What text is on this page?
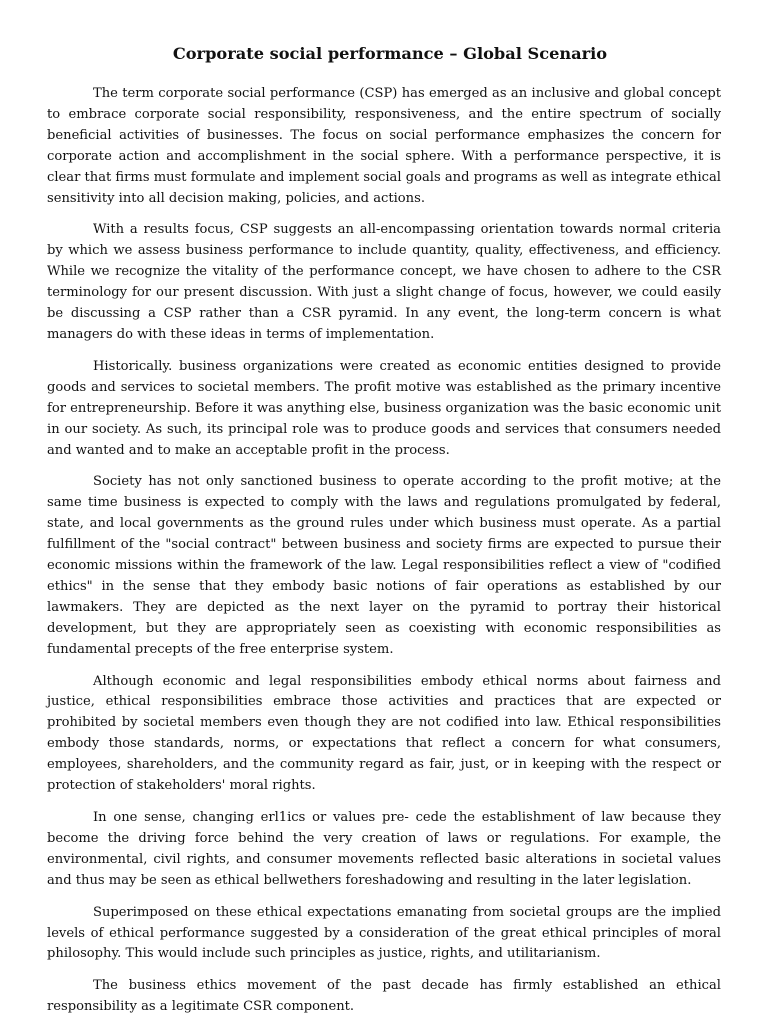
Corporate social performance – Global Scenario

The term corporate social performance (CSP) has emerged as an inclusive and global concept to embrace corporate social responsibility, responsiveness, and the entire spectrum of socially beneficial activities of businesses. The focus on social performance emphasizes the concern for corporate action and accomplishment in the social sphere. With a performance perspective, it is clear that firms must formulate and implement social goals and programs as well as integrate ethical sensitivity into all decision making, policies, and actions.

With a results focus, CSP suggests an all-encompassing orientation towards normal criteria by which we assess business performance to include quantity, quality, effectiveness, and efficiency. While we recognize the vitality of the performance concept, we have chosen to adhere to the CSR terminology for our present discussion. With just a slight change of focus, however, we could easily be discussing a CSP rather than a CSR pyramid. In any event, the long-term concern is what managers do with these ideas in terms of implementation.

Historically. business organizations were created as economic entities designed to provide goods and services to societal members. The profit motive was established as the primary incentive for entrepreneurship. Before it was anything else, business organization was the basic economic unit in our society. As such, its principal role was to produce goods and services that consumers needed and wanted and to make an acceptable profit in the process.

Society has not only sanctioned business to operate according to the profit motive; at the same time business is expected to comply with the laws and regulations promulgated by federal, state, and local governments as the ground rules under which business must operate. As a partial fulfillment of the "social contract" between business and society firms are expected to pursue their economic missions within the framework of the law. Legal responsibilities reflect a view of "codified ethics" in the sense that they embody basic notions of fair operations as established by our lawmakers. They are depicted as the next layer on the pyramid to portray their historical development, but they are appropriately seen as coexisting with economic responsibilities as fundamental precepts of the free enterprise system.

Although economic and legal responsibilities embody ethical norms about fairness and justice, ethical responsibilities embrace those activities and practices that are expected or prohibited by societal members even though they are not codified into law. Ethical responsibilities embody those standards, norms, or expectations that reflect a concern for what consumers, employees, shareholders, and the community regard as fair, just, or in keeping with the respect or protection of stakeholders' moral rights.

In one sense, changing erl1ics or values pre- cede the establishment of law because they become the driving force behind the very creation of laws or regulations. For example, the environmental, civil rights, and consumer movements reflected basic alterations in societal values and thus may be seen as ethical bellwethers foreshadowing and resulting in the later legislation.

Superimposed on these ethical expectations emanating from societal groups are the implied levels of ethical performance suggested by a consideration of the great ethical principles of moral philosophy. This would include such principles as justice, rights, and utilitarianism.

The business ethics movement of the past decade has firmly established an ethical responsibility as a legitimate CSR component.
